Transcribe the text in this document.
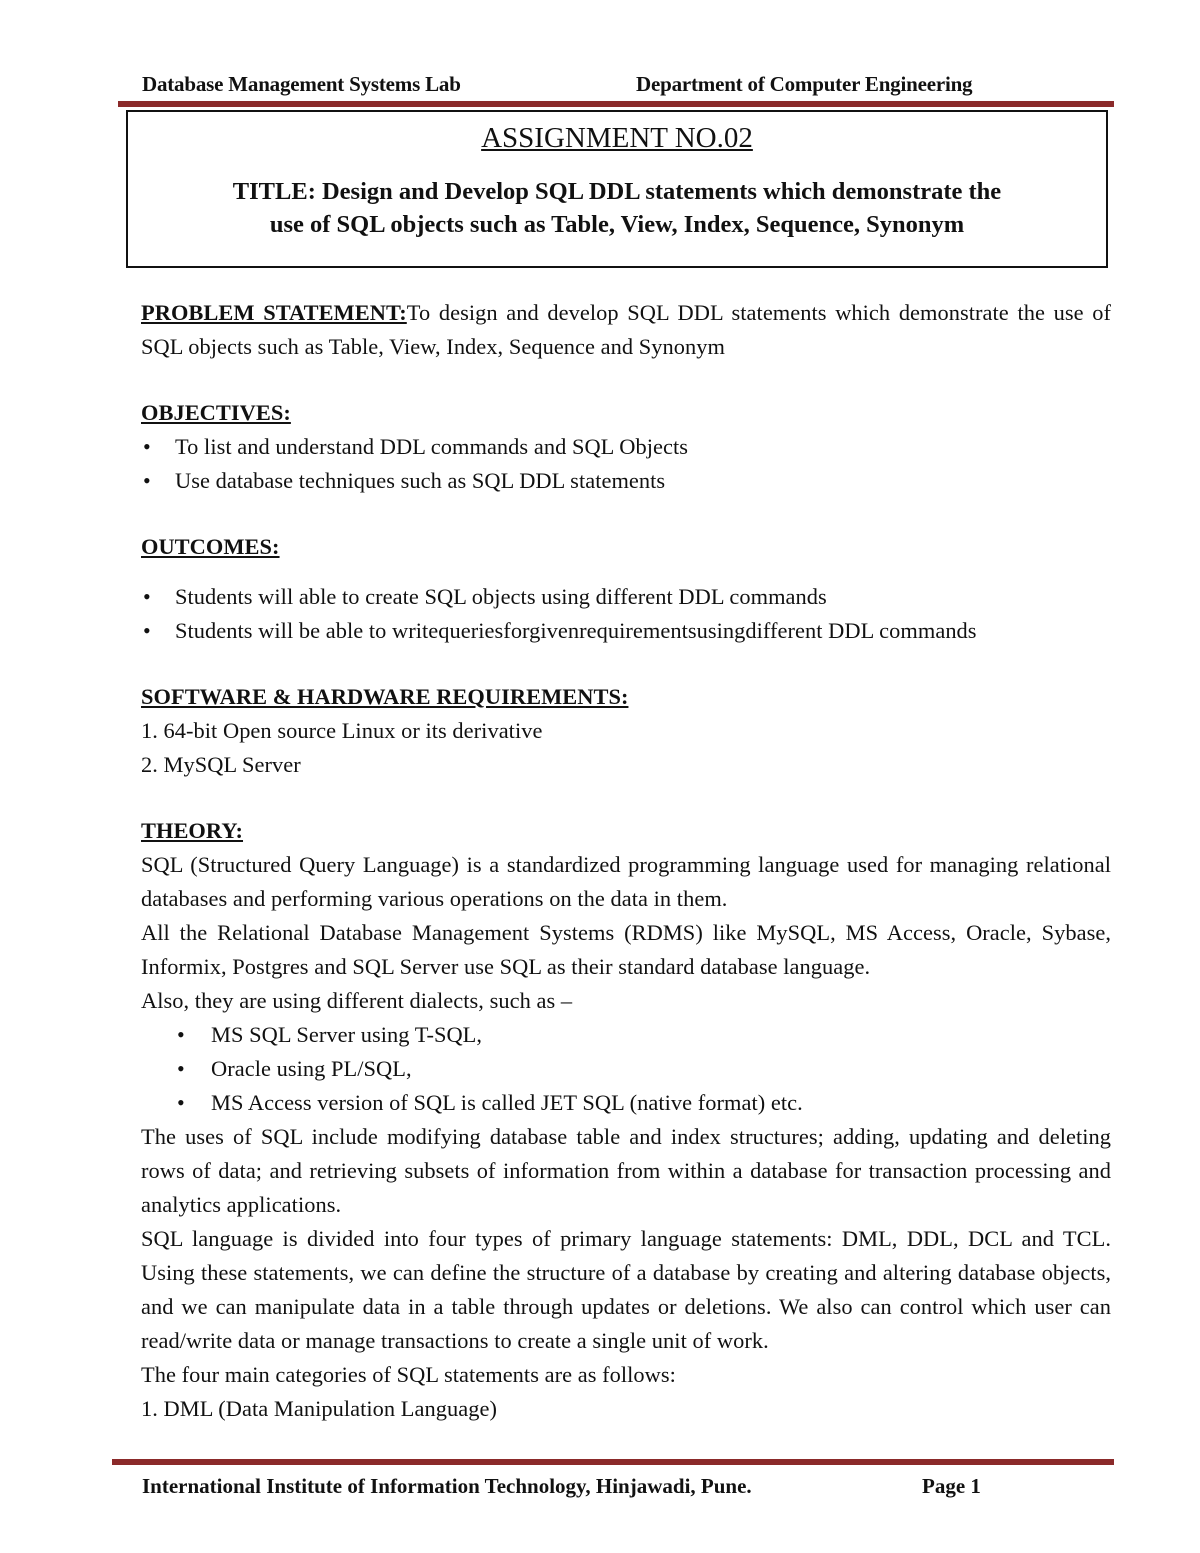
Database Management Systems Lab	Department of Computer Engineering
ASSIGNMENT NO.02
TITLE: Design and Develop SQL DDL statements which demonstrate the
use of SQL objects such as Table, View, Index, Sequence, Synonym

PROBLEM STATEMENT:To design and develop SQL DDL statements which demonstrate the use of SQL objects such as Table, View, Index, Sequence and Synonym

OBJECTIVES:
• To list and understand DDL commands and SQL Objects
• Use database techniques such as SQL DDL statements
OUTCOMES:
• Students will able to create SQL objects using different DDL commands
• Students will be able to writequeriesforgivenrequirementsusingdifferent DDL commands
SOFTWARE & HARDWARE REQUIREMENTS:
1. 64-bit Open source Linux or its derivative
2. MySQL Server
THEORY:

SQL (Structured Query Language) is a standardized programming language used for managing relational databases and performing various operations on the data in them.

All the Relational Database Management Systems (RDMS) like MySQL, MS Access, Oracle, Sybase, Informix, Postgres and SQL Server use SQL as their standard database language.

Also, they are using different dialects, such as –

• MS SQL Server using T-SQL,
• Oracle using PL/SQL,
• MS Access version of SQL is called JET SQL (native format) etc.

The uses of SQL include modifying database table and index structures; adding, updating and deleting rows of data; and retrieving subsets of information from within a database for transaction processing and analytics applications.

SQL language is divided into four types of primary language statements: DML, DDL, DCL and TCL. Using these statements, we can define the structure of a database by creating and altering database objects, and we can manipulate data in a table through updates or deletions. We also can control which user can read/write data or manage transactions to create a single unit of work.

The four main categories of SQL statements are as follows:

1. DML (Data Manipulation Language)

International Institute of Information Technology, Hinjawadi, Pune.	Page 1
